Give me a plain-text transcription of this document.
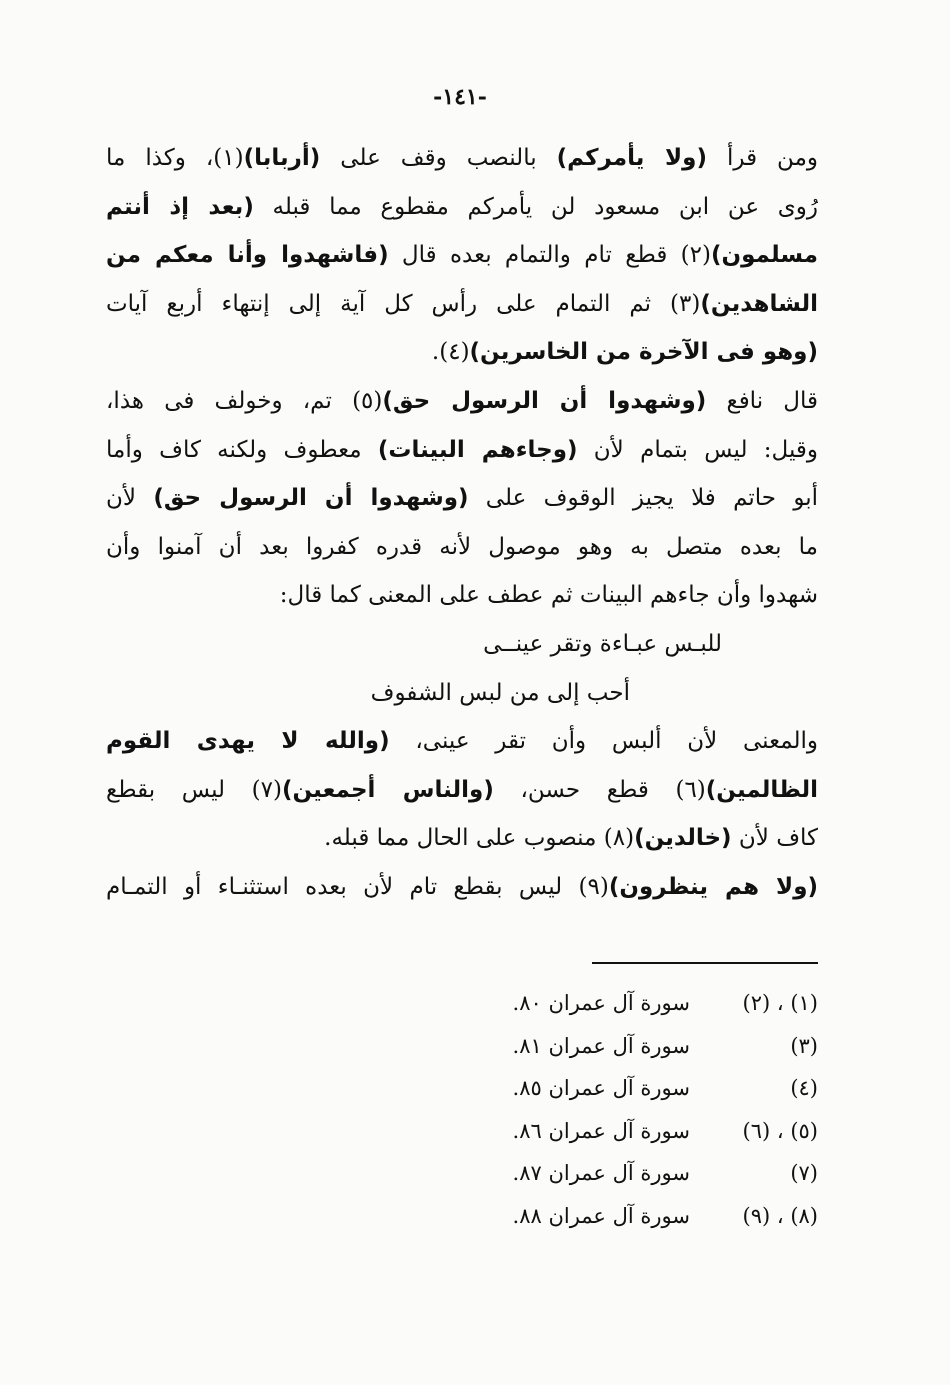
-١٤١-
ومن قرأ (ولا يأمركم) بالنصب وقف على (أربابا)(١)، وكذا ما
رُوى عن ابن مسعود لن يأمركم مقطوع مما قبله (بعد إذ أنتم
مسلمون)(٢) قطع تام والتمام بعده قال (فاشهدوا وأنا معكم من
الشاهدين)(٣) ثم التمام على رأس كل آية إلى إنتهاء أربع آيات
(وهو فى الآخرة من الخاسرين)(٤).
قال نافع (وشهدوا أن الرسول حق)(٥) تم، وخولف فى هذا،
وقيل: ليس بتمام لأن (وجاءهم البينات) معطوف ولكنه كاف وأما
أبو حاتم فلا يجيز الوقوف على (وشهدوا أن الرسول حق) لأن
ما بعده متصل به وهو موصول لأنه قدره كفروا بعد أن آمنوا وأن
شهدوا وأن جاءهم البينات ثم عطف على المعنى كما قال:
للبـس عبـاءة وتقر عينــى
أحب إلى من لبس الشفوف
والمعنى لأن ألبس وأن تقر عينى، (والله لا يهدى القوم
الظالمين)(٦) قطع حسن، (والناس أجمعين)(٧) ليس بقطع
كاف لأن (خالدين)(٨) منصوب على الحال مما قبله.
(ولا هم ينظرون)(٩) ليس بقطع تام لأن بعده استثنـاء أو التمـام
(١) ، (٢)
سورة آل عمران ٨٠.
(٣)
سورة آل عمران ٨١.
(٤)
سورة آل عمران ٨٥.
(٥) ، (٦)
سورة آل عمران ٨٦.
(٧)
سورة آل عمران ٨٧.
(٨) ، (٩)
سورة آل عمران ٨٨.
